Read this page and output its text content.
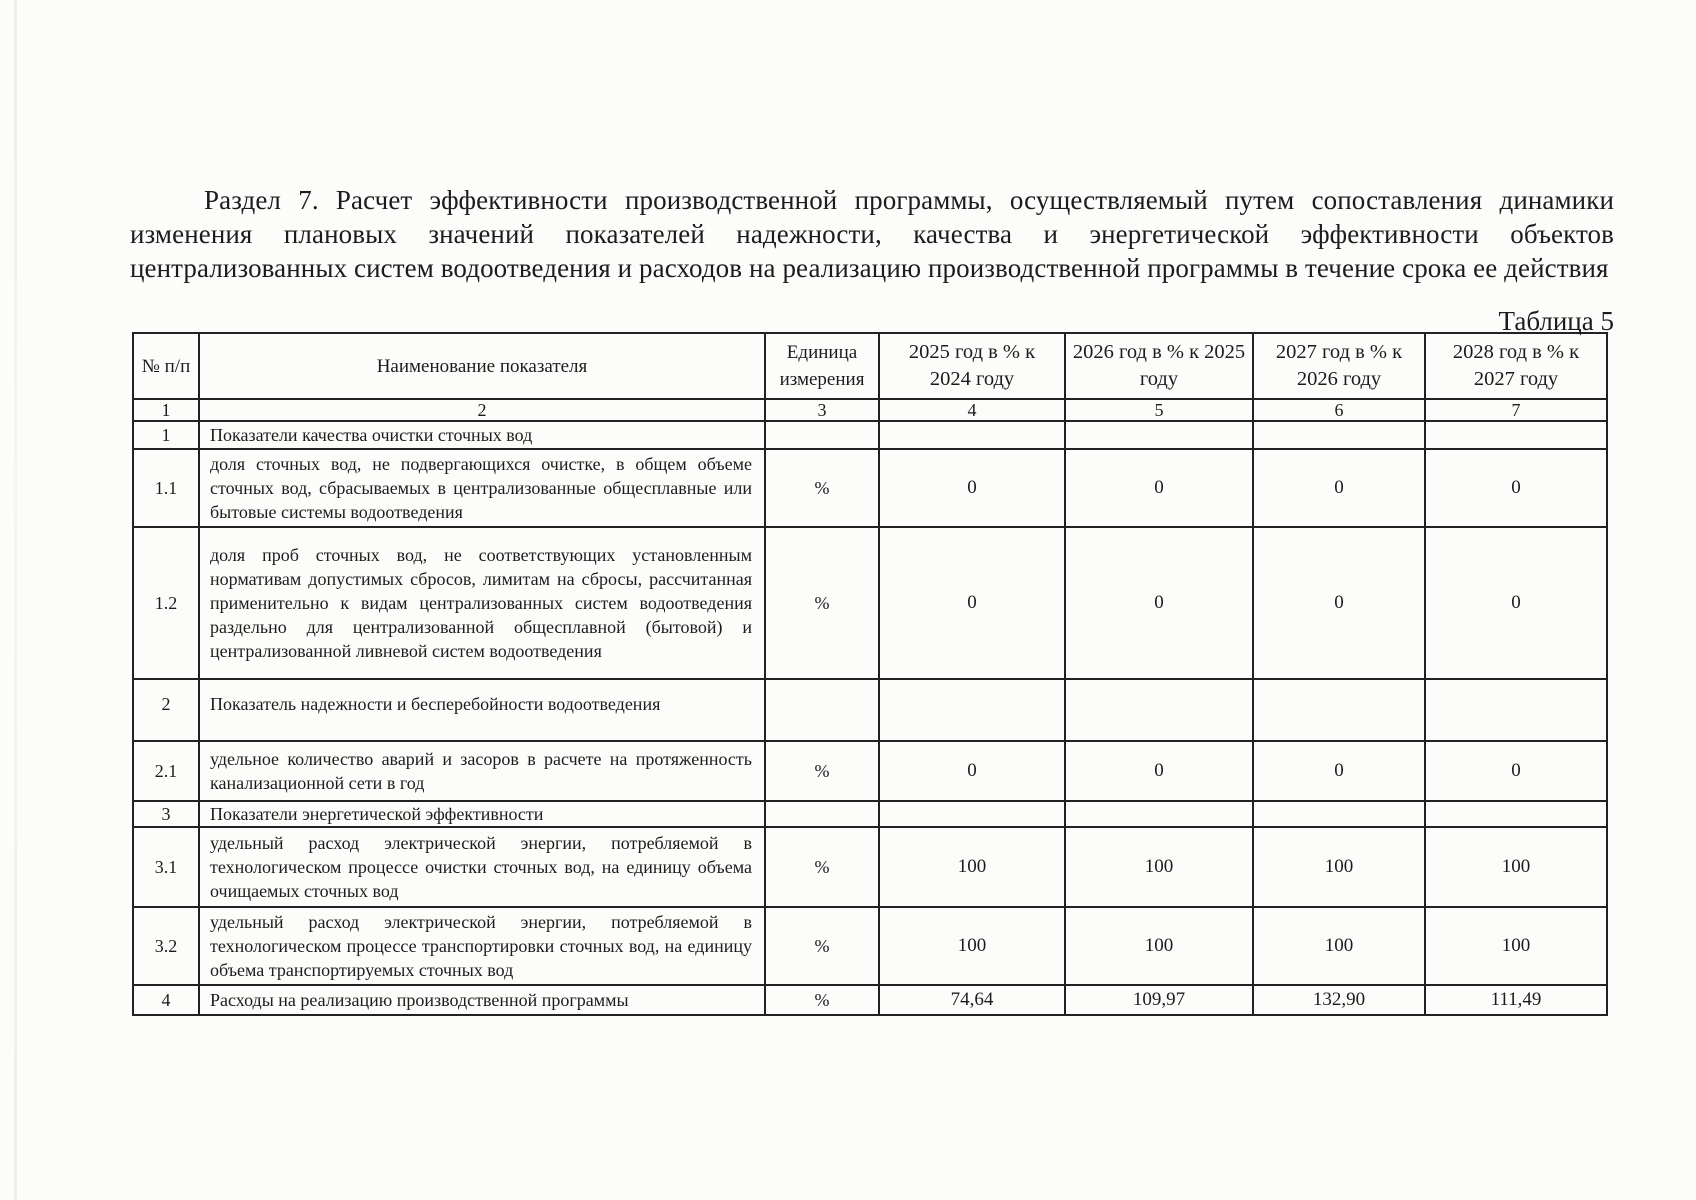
Раздел 7. Расчет эффективности производственной программы, осуществляемый путем сопоставления динамики изменения плановых значений показателей надежности, качества и энергетической эффективности объектов централизованных систем водоотведения и расходов на реализацию производственной программы в течение срока ее действия

Таблица 5
№ п/п	Наименование показателя	Единица измерения	2025 год в % к 2024 году	2026 год в % к 2025 году	2027 год в % к 2026 году	2028 год в % к 2027 году
1	2	3	4	5	6	7
1	Показатели качества очистки сточных вод					
1.1	доля сточных вод, не подвергающихся очистке, в общем объеме сточных вод, сбрасываемых в централизованные общесплавные или бытовые системы водоотведения	%	0	0	0	0
1.2	доля проб сточных вод, не соответствующих установленным нормативам допустимых сбросов, лимитам на сбросы, рассчитанная применительно к видам централизованных систем водоотведения раздельно для централизованной общесплавной (бытовой) и централизованной ливневой систем водоотведения	%	0	0	0	0
2	Показатель надежности и бесперебойности водоотведения					
2.1	удельное количество аварий и засоров в расчете на протяженность канализационной сети в год	%	0	0	0	0
3	Показатели энергетической эффективности					
3.1	удельный расход электрической энергии, потребляемой в технологическом процессе очистки сточных вод, на единицу объема очищаемых сточных вод	%	100	100	100	100
3.2	удельный расход электрической энергии, потребляемой в технологическом процессе транспортировки сточных вод, на единицу объема транспортируемых сточных вод	%	100	100	100	100
4	Расходы на реализацию производственной программы	%	74,64	109,97	132,90	111,49
